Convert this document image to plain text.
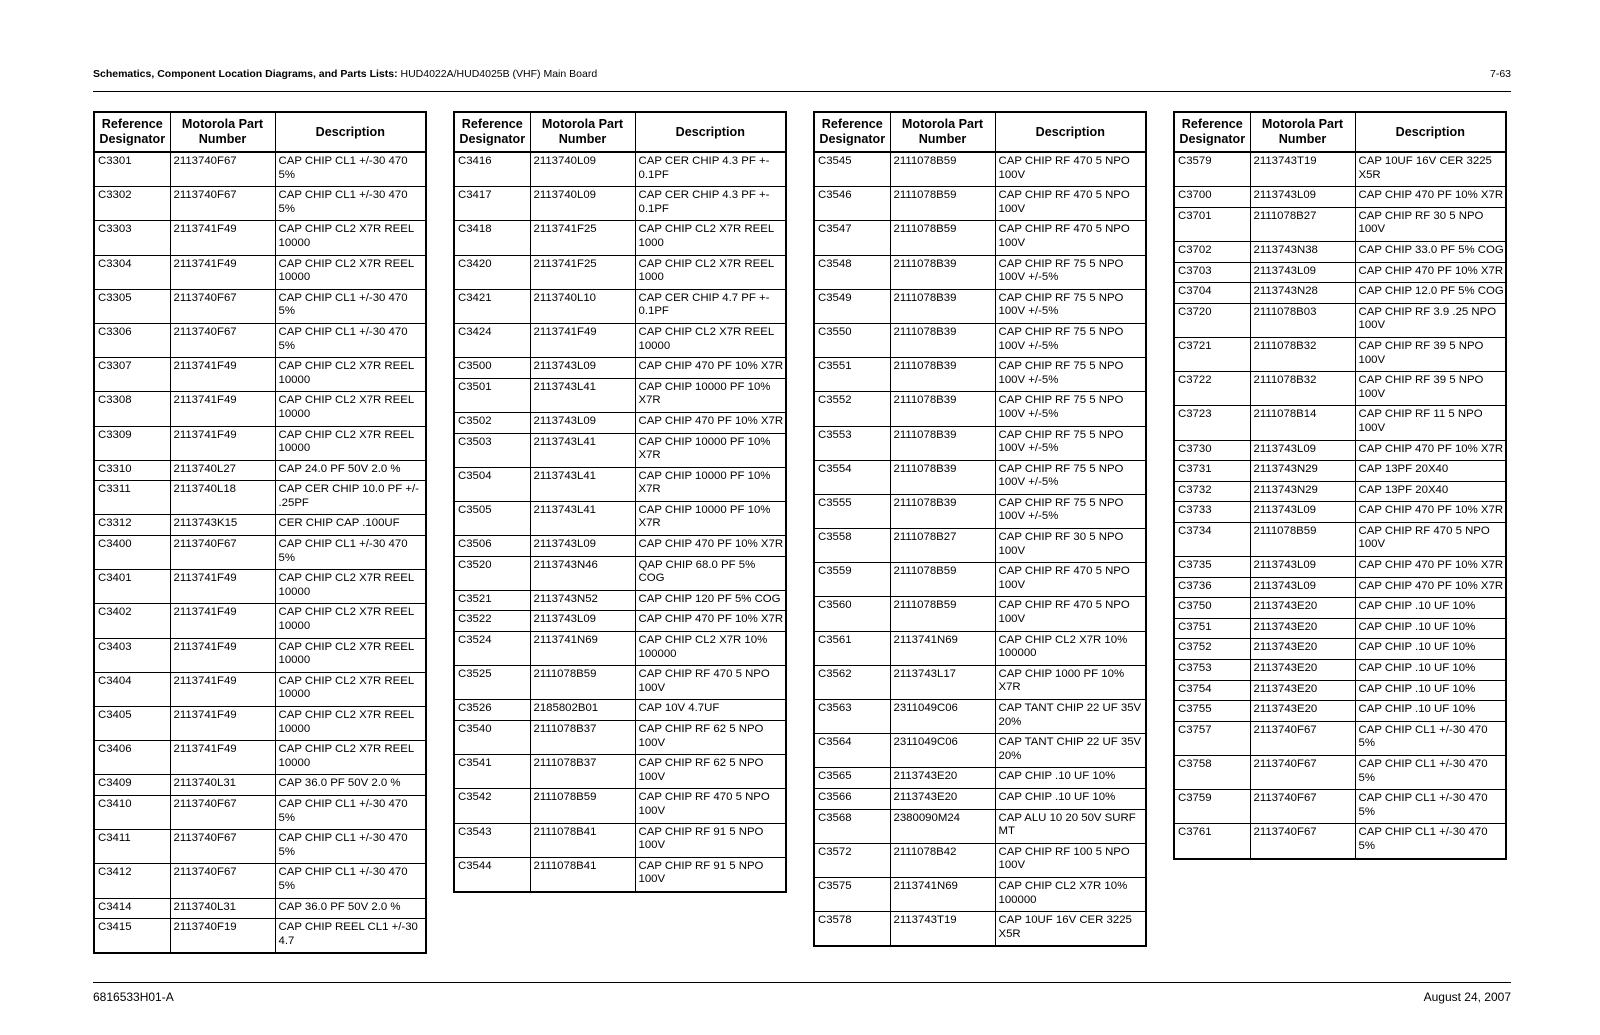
Schematics, Component Location Diagrams, and Parts Lists: HUD4022A/HUD4025B (VHF) Main Board	7-63
Reference Designator	Motorola Part Number	Description
C3301	2113740F67	CAP CHIP CL1 +/-30 470 5%
C3302	2113740F67	CAP CHIP CL1 +/-30 470 5%
C3303	2113741F49	CAP CHIP CL2 X7R REEL 10000
C3304	2113741F49	CAP CHIP CL2 X7R REEL 10000
C3305	2113740F67	CAP CHIP CL1 +/-30 470 5%
C3306	2113740F67	CAP CHIP CL1 +/-30 470 5%
C3307	2113741F49	CAP CHIP CL2 X7R REEL 10000
C3308	2113741F49	CAP CHIP CL2 X7R REEL 10000
C3309	2113741F49	CAP CHIP CL2 X7R REEL 10000
C3310	2113740L27	CAP 24.0 PF 50V 2.0 %
C3311	2113740L18	CAP CER CHIP 10.0 PF +/- .25PF
C3312	2113743K15	CER CHIP CAP .100UF
C3400	2113740F67	CAP CHIP CL1 +/-30 470 5%
C3401	2113741F49	CAP CHIP CL2 X7R REEL 10000
C3402	2113741F49	CAP CHIP CL2 X7R REEL 10000
C3403	2113741F49	CAP CHIP CL2 X7R REEL 10000
C3404	2113741F49	CAP CHIP CL2 X7R REEL 10000
C3405	2113741F49	CAP CHIP CL2 X7R REEL 10000
C3406	2113741F49	CAP CHIP CL2 X7R REEL 10000
C3409	2113740L31	CAP 36.0 PF 50V 2.0 %
C3410	2113740F67	CAP CHIP CL1 +/-30 470 5%
C3411	2113740F67	CAP CHIP CL1 +/-30 470 5%
C3412	2113740F67	CAP CHIP CL1 +/-30 470 5%
C3414	2113740L31	CAP 36.0 PF 50V 2.0 %
C3415	2113740F19	CAP CHIP REEL CL1 +/-30 4.7
Reference Designator	Motorola Part Number	Description
C3416	2113740L09	CAP CER CHIP 4.3 PF +- 0.1PF
C3417	2113740L09	CAP CER CHIP 4.3 PF +- 0.1PF
C3418	2113741F25	CAP CHIP CL2 X7R REEL 1000
C3420	2113741F25	CAP CHIP CL2 X7R REEL 1000
C3421	2113740L10	CAP CER CHIP 4.7 PF +- 0.1PF
C3424	2113741F49	CAP CHIP CL2 X7R REEL 10000
C3500	2113743L09	CAP CHIP 470 PF 10% X7R
C3501	2113743L41	CAP CHIP 10000 PF 10% X7R
C3502	2113743L09	CAP CHIP 470 PF 10% X7R
C3503	2113743L41	CAP CHIP 10000 PF 10% X7R
C3504	2113743L41	CAP CHIP 10000 PF 10% X7R
C3505	2113743L41	CAP CHIP 10000 PF 10% X7R
C3506	2113743L09	CAP CHIP 470 PF 10% X7R
C3520	2113743N46	QAP CHIP 68.0 PF 5% COG
C3521	2113743N52	CAP CHIP 120 PF 5% COG
C3522	2113743L09	CAP CHIP 470 PF 10% X7R
C3524	2113741N69	CAP CHIP CL2 X7R 10% 100000
C3525	2111078B59	CAP CHIP RF 470 5 NPO 100V
C3526	2185802B01	CAP 10V 4.7UF
C3540	2111078B37	CAP CHIP RF 62 5 NPO 100V
C3541	2111078B37	CAP CHIP RF 62 5 NPO 100V
C3542	2111078B59	CAP CHIP RF 470 5 NPO 100V
C3543	2111078B41	CAP CHIP RF 91 5 NPO 100V
C3544	2111078B41	CAP CHIP RF 91 5 NPO 100V
Reference Designator	Motorola Part Number	Description
C3545	2111078B59	CAP CHIP RF 470 5 NPO 100V
C3546	2111078B59	CAP CHIP RF 470 5 NPO 100V
C3547	2111078B59	CAP CHIP RF 470 5 NPO 100V
C3548	2111078B39	CAP CHIP RF 75 5 NPO 100V +/-5%
C3549	2111078B39	CAP CHIP RF 75 5 NPO 100V +/-5%
C3550	2111078B39	CAP CHIP RF 75 5 NPO 100V +/-5%
C3551	2111078B39	CAP CHIP RF 75 5 NPO 100V +/-5%
C3552	2111078B39	CAP CHIP RF 75 5 NPO 100V +/-5%
C3553	2111078B39	CAP CHIP RF 75 5 NPO 100V +/-5%
C3554	2111078B39	CAP CHIP RF 75 5 NPO 100V +/-5%
C3555	2111078B39	CAP CHIP RF 75 5 NPO 100V +/-5%
C3558	2111078B27	CAP CHIP RF 30 5 NPO 100V
C3559	2111078B59	CAP CHIP RF 470 5 NPO 100V
C3560	2111078B59	CAP CHIP RF 470 5 NPO 100V
C3561	2113741N69	CAP CHIP CL2 X7R 10% 100000
C3562	2113743L17	CAP CHIP 1000 PF 10% X7R
C3563	2311049C06	CAP TANT CHIP 22 UF 35V 20%
C3564	2311049C06	CAP TANT CHIP 22 UF 35V 20%
C3565	2113743E20	CAP CHIP .10 UF 10%
C3566	2113743E20	CAP CHIP .10 UF 10%
C3568	2380090M24	CAP ALU 10 20 50V SURF MT
C3572	2111078B42	CAP CHIP RF 100 5 NPO 100V
C3575	2113741N69	CAP CHIP CL2 X7R 10% 100000
C3578	2113743T19	CAP 10UF 16V CER 3225 X5R
Reference Designator	Motorola Part Number	Description
C3579	2113743T19	CAP 10UF 16V CER 3225 X5R
C3700	2113743L09	CAP CHIP 470 PF 10% X7R
C3701	2111078B27	CAP CHIP RF 30 5 NPO 100V
C3702	2113743N38	CAP CHIP 33.0 PF 5% COG
C3703	2113743L09	CAP CHIP 470 PF 10% X7R
C3704	2113743N28	CAP CHIP 12.0 PF 5% COG
C3720	2111078B03	CAP CHIP RF 3.9 .25 NPO 100V
C3721	2111078B32	CAP CHIP RF 39 5 NPO 100V
C3722	2111078B32	CAP CHIP RF 39 5 NPO 100V
C3723	2111078B14	CAP CHIP RF 11 5 NPO 100V
C3730	2113743L09	CAP CHIP 470 PF 10% X7R
C3731	2113743N29	CAP 13PF 20X40
C3732	2113743N29	CAP 13PF 20X40
C3733	2113743L09	CAP CHIP 470 PF 10% X7R
C3734	2111078B59	CAP CHIP RF 470 5 NPO 100V
C3735	2113743L09	CAP CHIP 470 PF 10% X7R
C3736	2113743L09	CAP CHIP 470 PF 10% X7R
C3750	2113743E20	CAP CHIP .10 UF 10%
C3751	2113743E20	CAP CHIP .10 UF 10%
C3752	2113743E20	CAP CHIP .10 UF 10%
C3753	2113743E20	CAP CHIP .10 UF 10%
C3754	2113743E20	CAP CHIP .10 UF 10%
C3755	2113743E20	CAP CHIP .10 UF 10%
C3757	2113740F67	CAP CHIP CL1 +/-30 470 5%
C3758	2113740F67	CAP CHIP CL1 +/-30 470 5%
C3759	2113740F67	CAP CHIP CL1 +/-30 470 5%
C3761	2113740F67	CAP CHIP CL1 +/-30 470 5%
6816533H01-A	August 24, 2007
